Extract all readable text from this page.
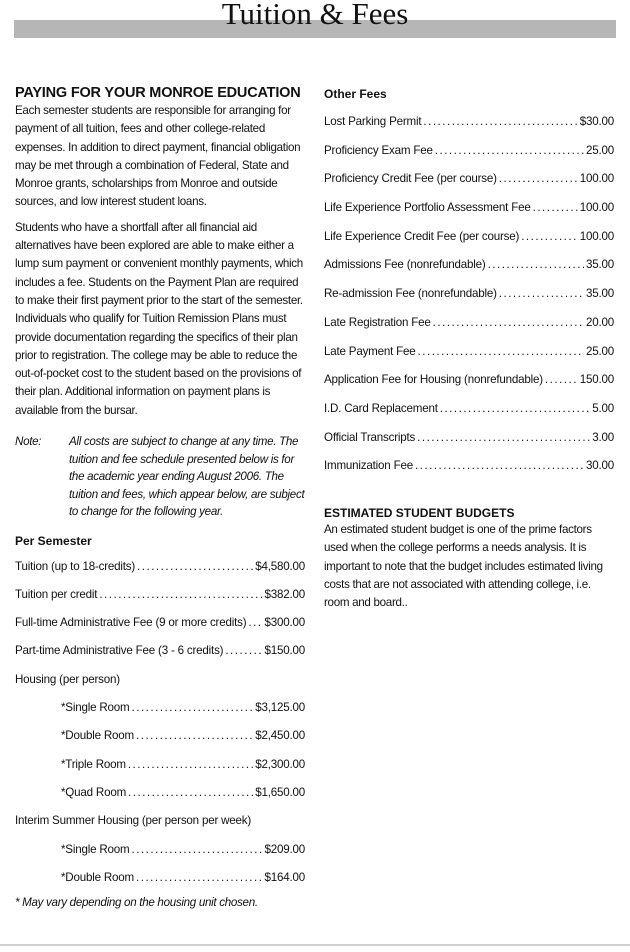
Tuition & Fees
PAYING FOR YOUR MONROE EDUCATION

Each semester students are responsible for arranging for payment of all tuition, fees and other college-related expenses. In addition to direct payment, financial obligation may be met through a combination of Federal, State and Monroe grants, scholarships from Monroe and outside sources, and low interest student loans.

Students who have a shortfall after all financial aid alternatives have been explored are able to make either a lump sum payment or convenient monthly payments, which includes a fee. Students on the Payment Plan are required to make their first payment prior to the start of the semester. Individuals who qualify for Tuition Remission Plans must provide documentation regarding the specifics of their plan prior to registration. The college may be able to reduce the out-of-pocket cost to the student based on the provisions of their plan. Additional information on payment plans is available from the bursar.

Note:	All costs are subject to change at any time. The tuition and fee schedule presented below is for the academic year ending August 2006. The tuition and fees, which appear below, are subject to change for the following year.
Per Semester
Tuition (up to 18-credits) .....	$4,580.00
Tuition per credit .....	$382.00
Full-time Administrative Fee (9 or more credits) ..... $300.00
Part-time Administrative Fee (3 - 6 credits) .....	$150.00
Housing (per person)
*Single Room .....	$3,125.00
*Double Room .....	$2,450.00
*Triple Room .....	$2,300.00
*Quad Room .....	$1,650.00
Interim Summer Housing (per person per week)
*Single Room .....	$209.00
*Double Room .....	$164.00
* May vary depending on the housing unit chosen.
Other Fees
Lost Parking Permit .....	$30.00
Proficiency Exam Fee .....	25.00
Proficiency Credit Fee (per course) .....	100.00
Life Experience Portfolio Assessment Fee .....	100.00
Life Experience Credit Fee (per course) .....	100.00
Admissions Fee (nonrefundable) .....	35.00
Re-admission Fee (nonrefundable) .....	35.00
Late Registration Fee .....	20.00
Late Payment Fee .....	25.00
Application Fee for Housing (nonrefundable) .....	150.00
I.D. Card Replacement .....	5.00
Official Transcripts .....	3.00
Immunization Fee .....	30.00
ESTIMATED STUDENT BUDGETS

An estimated student budget is one of the prime factors used when the college performs a needs analysis. It is important to note that the budget includes estimated living costs that are not associated with attending college, i.e. room and board..
